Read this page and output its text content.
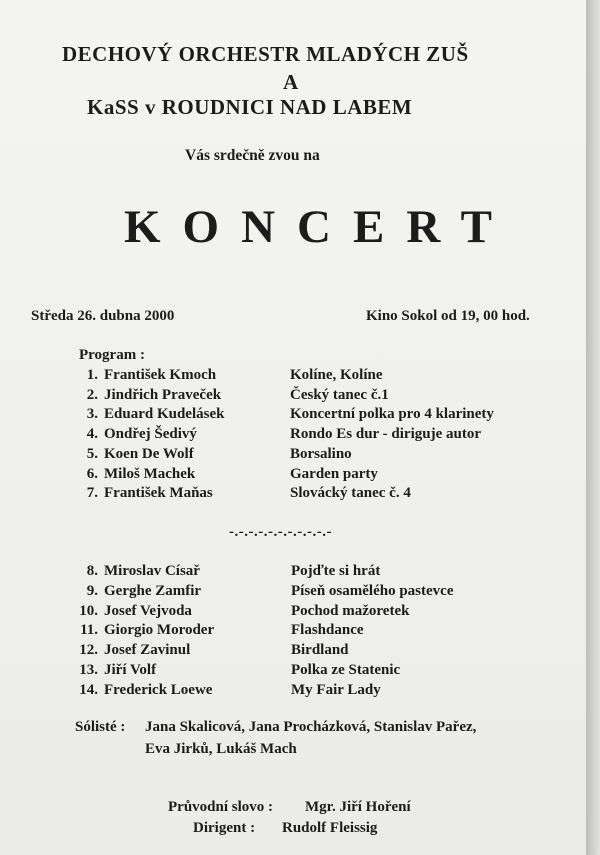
DECHOVÝ ORCHESTR MLADÝCH ZUŠ
A
KaSS v ROUDNICI NAD LABEM
Vás srdečně zvou na
KONCERT
Středa 26. dubna 2000	Kino Sokol od 19, 00 hod.
Program :
1. František Kmoch	Kolíne, Kolíne
2. Jindřich Praveček	Český tanec č.1
3. Eduard Kudelásek	Koncertní polka pro 4 klarinety
4. Ondřej Šedivý	Rondo Es dur - diriguje autor
5. Koen De Wolf	Borsalino
6. Miloš Machek	Garden party
7. František Maňas	Slovácký tanec č. 4
-.-.-.-.-.-.-.-.-.-.-
8. Miroslav Císař	Pojďte si hrát
9. Gerghe Zamfir	Píseň osamělého pastevce
10. Josef Vejvoda	Pochod mažoretek
11. Giorgio Moroder	Flashdance
12. Josef Zavinul	Birdland
13. Jiří Volf	Polka ze Statenic
14. Frederick Loewe	My Fair Lady
Sólisté : Jana Skalicová, Jana Procházková, Stanislav Pařez,
Eva Jirků, Lukáš Mach
Průvodní slovo : Mgr. Jiří Hoření
Dirigent : Rudolf Fleissig
